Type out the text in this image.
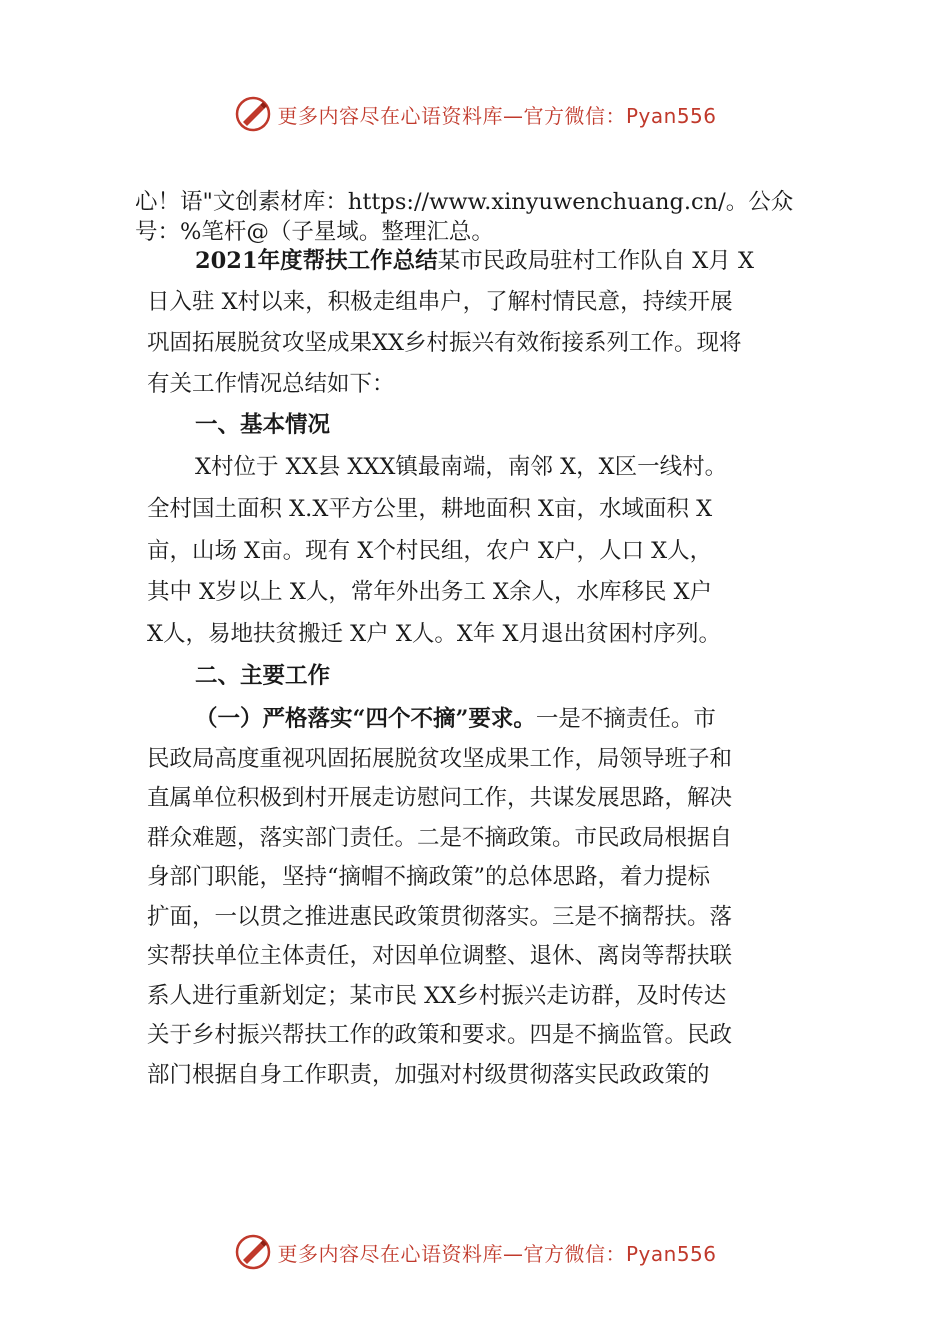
更多内容尽在心语资料库—官方微信：Pyan556
心！语"文创素材库：https://www.xinyuwenchuang.cn/。公众
号：%笔杆@（子星域。整理汇总。
2021年度帮扶工作总结某市民政局驻村工作队自 X月 X
日入驻 X村以来，积极走组串户，了解村情民意，持续开展
巩固拓展脱贫攻坚成果XX乡村振兴有效衔接系列工作。现将
有关工作情况总结如下：
一、基本情况
X村位于 XX县 XXX镇最南端，南邻 X，X区一线村。
全村国土面积 X.X平方公里，耕地面积 X亩，水域面积 X
亩，山场 X亩。现有 X个村民组，农户 X户，人口 X人，
其中 X岁以上 X人，常年外出务工 X余人，水库移民 X户
X人，易地扶贫搬迁 X户 X人。X年 X月退出贫困村序列。
二、主要工作
（一）严格落实“四个不摘”要求。一是不摘责任。市
民政局高度重视巩固拓展脱贫攻坚成果工作，局领导班子和
直属单位积极到村开展走访慰问工作，共谋发展思路，解决
群众难题，落实部门责任。二是不摘政策。市民政局根据自
身部门职能，坚持“摘帽不摘政策”的总体思路，着力提标
扩面，一以贯之推进惠民政策贯彻落实。三是不摘帮扶。落
实帮扶单位主体责任，对因单位调整、退休、离岗等帮扶联
系人进行重新划定；某市民 XX乡村振兴走访群，及时传达
关于乡村振兴帮扶工作的政策和要求。四是不摘监管。民政
部门根据自身工作职责，加强对村级贯彻落实民政政策的
更多内容尽在心语资料库—官方微信：Pyan556
